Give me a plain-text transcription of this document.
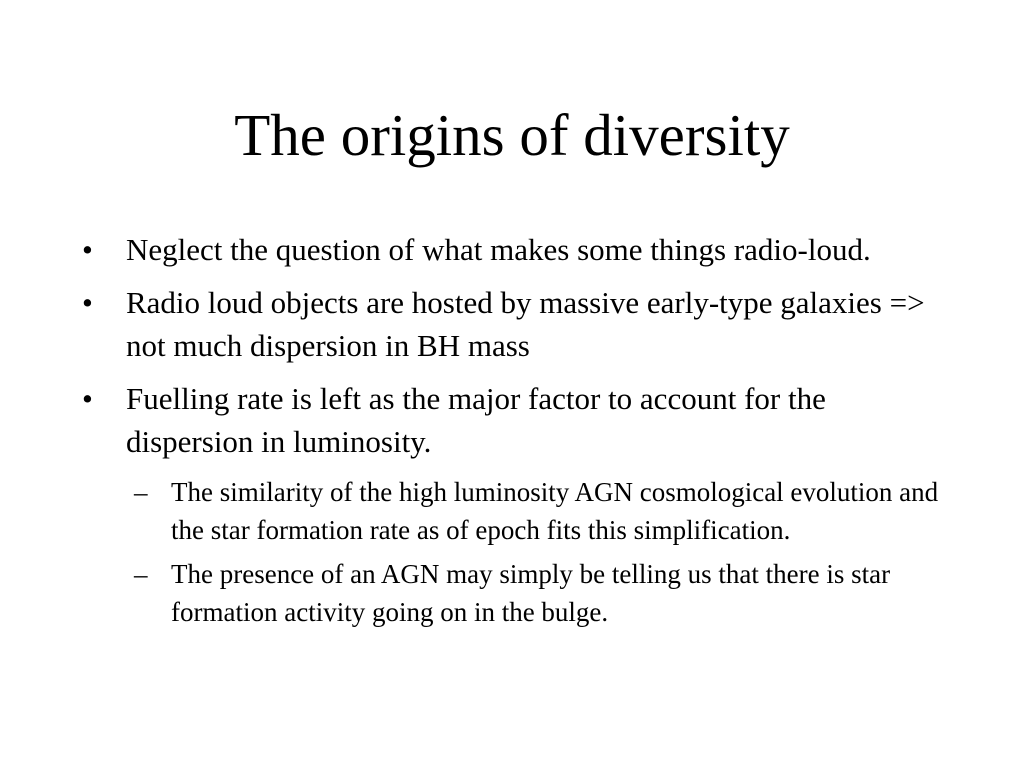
The origins of diversity
• Neglect the question of what makes some things radio-loud.
• Radio loud objects are hosted by massive early-type galaxies => not much dispersion in BH mass
• Fuelling rate is left as the major factor to account for the dispersion in luminosity.
– The similarity of the high luminosity AGN cosmological evolution and the star formation rate as of epoch fits this simplification.
– The presence of an AGN may simply be telling us that there is star formation activity going on in the bulge.
